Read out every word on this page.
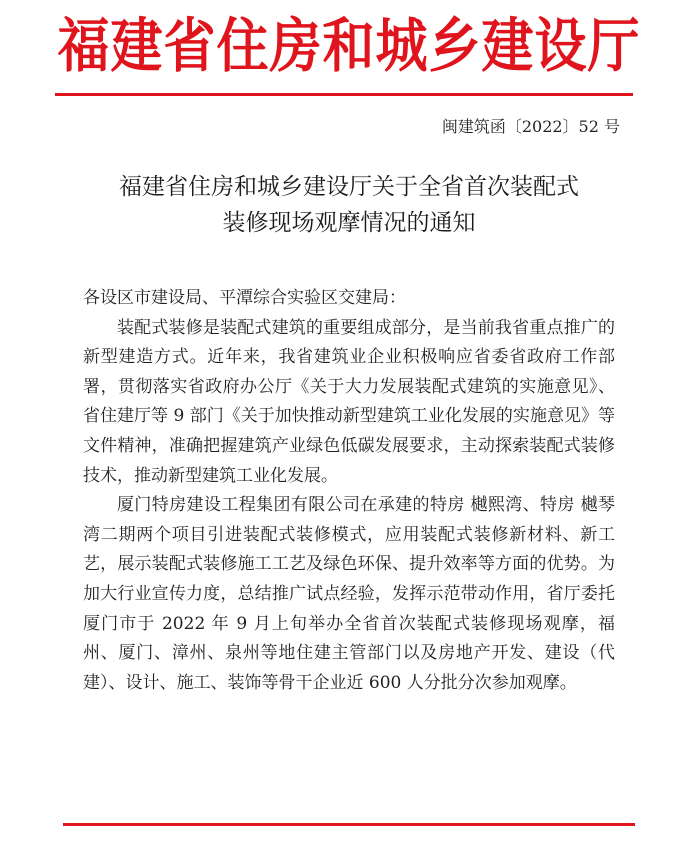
福建省住房和城乡建设厅
闽建筑函〔2022〕52 号
福建省住房和城乡建设厅关于全省首次装配式
装修现场观摩情况的通知

各设区市建设局、平潭综合实验区交建局：

装配式装修是装配式建筑的重要组成部分，是当前我省重点推广的新型建造方式。近年来，我省建筑业企业积极响应省委省政府工作部署，贯彻落实省政府办公厅《关于大力发展装配式建筑的实施意见》、省住建厅等 9 部门《关于加快推动新型建筑工业化发展的实施意见》等文件精神，准确把握建筑产业绿色低碳发展要求，主动探索装配式装修技术，推动新型建筑工业化发展。

厦门特房建设工程集团有限公司在承建的特房 樾熙湾、特房 樾琴湾二期两个项目引进装配式装修模式，应用装配式装修新材料、新工艺，展示装配式装修施工工艺及绿色环保、提升效率等方面的优势。为加大行业宣传力度，总结推广试点经验，发挥示范带动作用，省厅委托厦门市于 2022 年 9 月上旬举办全省首次装配式装修现场观摩，福州、厦门、漳州、泉州等地住建主管部门以及房地产开发、建设（代建）、设计、施工、装饰等骨干企业近 600 人分批分次参加观摩。
